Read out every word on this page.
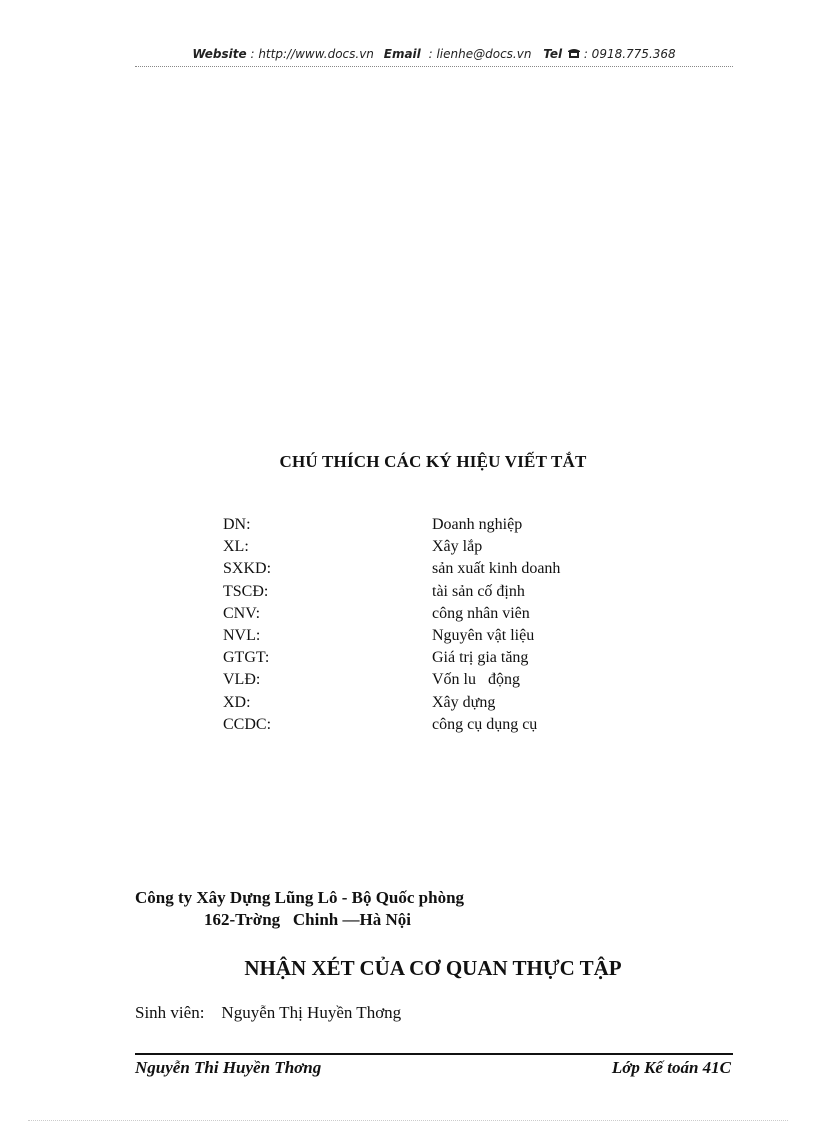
Website : http://www.docs.vn Email : lienhe@docs.vn Tel : 0918.775.368
CHÚ THÍCH CÁC KÝ HIỆU VIẾT TẮT
DN:	Doanh nghiệp
XL:	Xây lắp
SXKD:	sản xuất kinh doanh
TSCĐ:	tài sản cố định
CNV:	công nhân viên
NVL:	Nguyên vật liệu
GTGT:	Giá trị gia tăng
VLĐ:	Vốn lu   động
XD:	Xây dựng
CCDC:	công cụ dụng cụ
Công ty Xây Dựng Lũng Lô - Bộ Quốc phòng
162-Trờng   Chinh —Hà Nội
NHẬN XÉT CỦA CƠ QUAN THỰC TẬP
Sinh viên: Nguyễn Thị Huyền Thơng
Nguyễn Thi Huyền Thơng	Lớp Kế toán 41C
